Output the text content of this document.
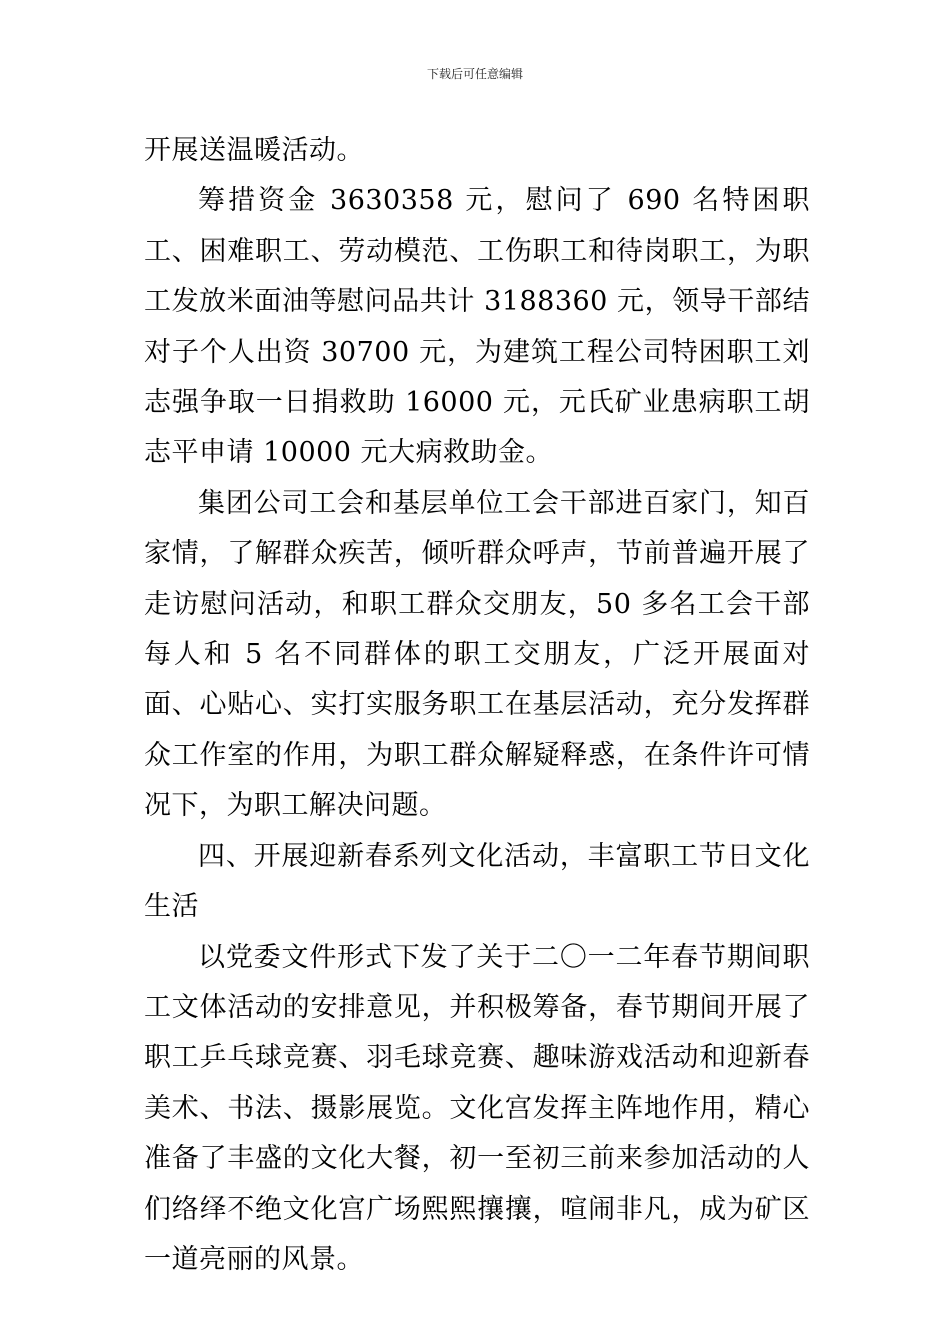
下载后可任意编辑

开展送温暖活动。

筹措资金 3630358 元，慰问了 690 名特困职工、困难职工、劳动模范、工伤职工和待岗职工，为职工发放米面油等慰问品共计 3188360 元，领导干部结对子个人出资 30700 元，为建筑工程公司特困职工刘志强争取一日捐救助 16000 元，元氏矿业患病职工胡志平申请 10000 元大病救助金。

集团公司工会和基层单位工会干部进百家门，知百家情，了解群众疾苦，倾听群众呼声，节前普遍开展了走访慰问活动，和职工群众交朋友，50 多名工会干部每人和 5 名不同群体的职工交朋友，广泛开展面对面、心贴心、实打实服务职工在基层活动，充分发挥群众工作室的作用，为职工群众解疑释惑，在条件许可情况下，为职工解决问题。

四、开展迎新春系列文化活动，丰富职工节日文化生活

以党委文件形式下发了关于二〇一二年春节期间职工文体活动的安排意见，并积极筹备，春节期间开展了职工乒乓球竞赛、羽毛球竞赛、趣味游戏活动和迎新春美术、书法、摄影展览。文化宫发挥主阵地作用，精心准备了丰盛的文化大餐，初一至初三前来参加活动的人们络绎不绝文化宫广场熙熙攘攘，喧闹非凡，成为矿区一道亮丽的风景。
